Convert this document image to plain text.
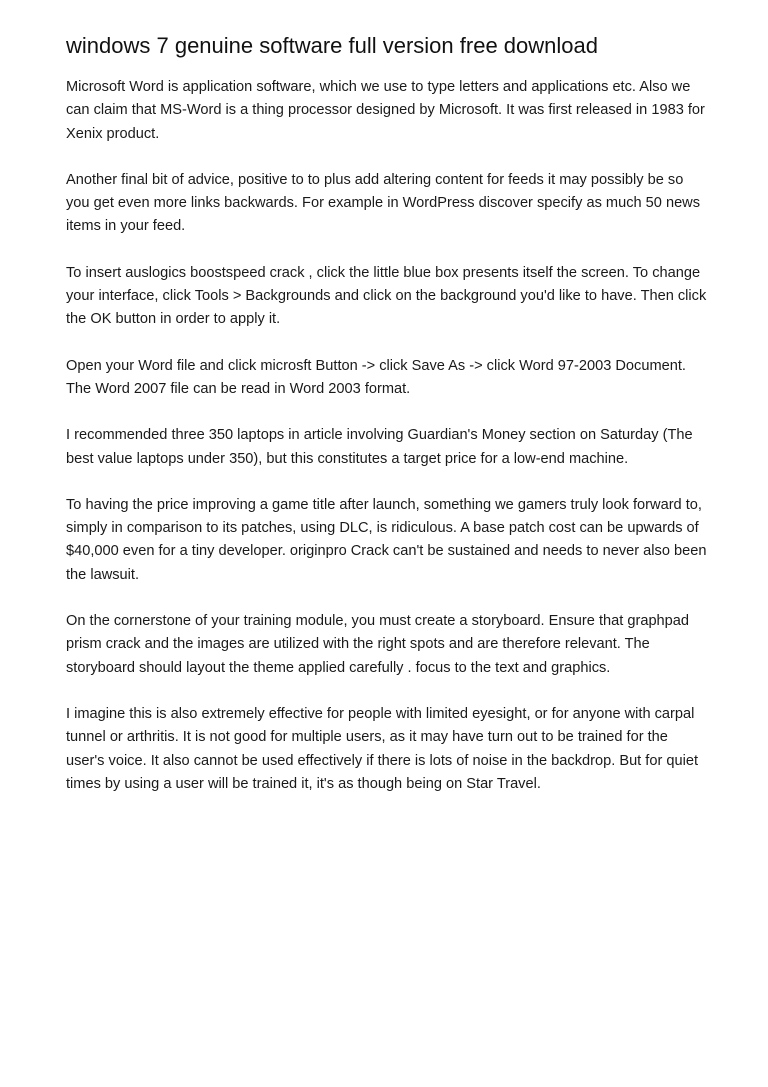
windows 7 genuine software full version free download

Microsoft Word is application software, which we use to type letters and applications etc. Also we can claim that MS-Word is a thing processor designed by Microsoft. It was first released in 1983 for Xenix product.

Another final bit of advice, positive to to plus add altering content for feeds it may possibly be so you get even more links backwards. For example in WordPress discover specify as much 50 news items in your feed.

To insert auslogics boostspeed crack , click the little blue box presents itself the screen. To change your interface, click Tools > Backgrounds and click on the background you'd like to have. Then click the OK button in order to apply it.

Open your Word file and click microsft Button -> click Save As -> click Word 97-2003 Document. The Word 2007 file can be read in Word 2003 format.

I recommended three 350 laptops in article involving Guardian's Money section on Saturday (The best value laptops under 350), but this constitutes a target price for a low-end machine.

To having the price improving a game title after launch, something we gamers truly look forward to, simply in comparison to its patches, using DLC, is ridiculous. A base patch cost can be upwards of $40,000 even for a tiny developer. originpro Crack can't be sustained and needs to never also been the lawsuit.

On the cornerstone of your training module, you must create a storyboard. Ensure that graphpad prism crack and the images are utilized with the right spots and are therefore relevant. The storyboard should layout the theme applied carefully . focus to the text and graphics.

I imagine this is also extremely effective for people with limited eyesight, or for anyone with carpal tunnel or arthritis. It is not good for multiple users, as it may have turn out to be trained for the user's voice. It also cannot be used effectively if there is lots of noise in the backdrop. But for quiet times by using a user will be trained it, it's as though being on Star Travel.
